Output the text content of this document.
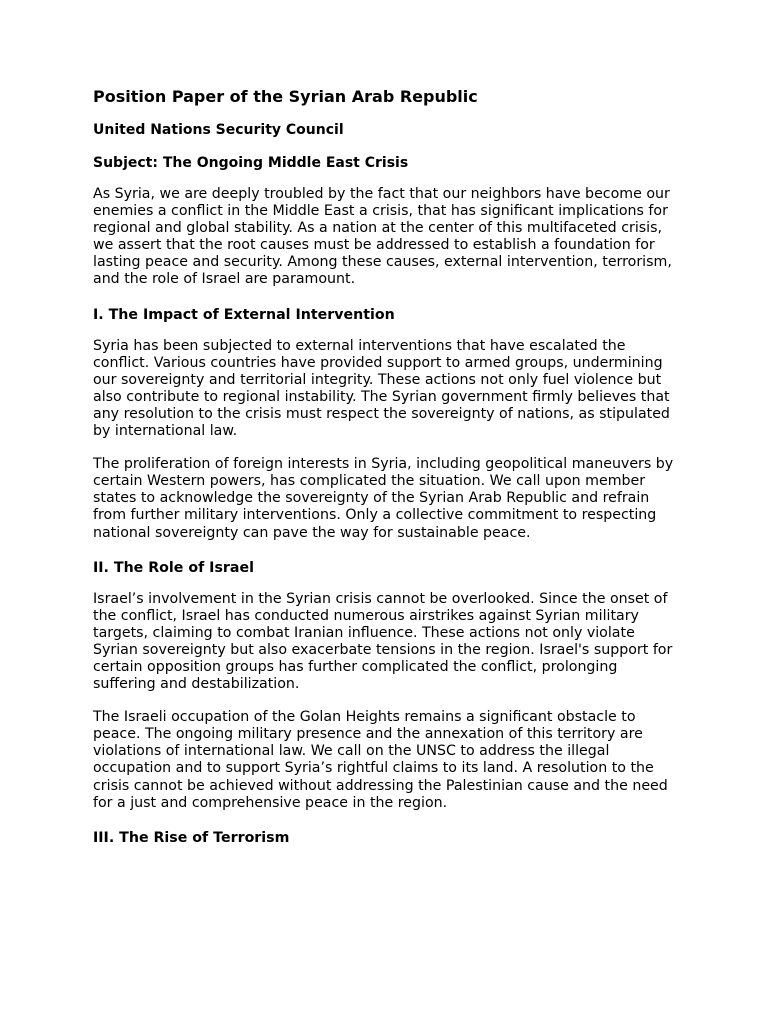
Position Paper of the Syrian Arab Republic
United Nations Security Council
Subject: The Ongoing Middle East Crisis

As Syria, we are deeply troubled by the fact that our neighbors have become our enemies a conflict in the Middle East a crisis, that has significant implications for regional and global stability. As a nation at the center of this multifaceted crisis, we assert that the root causes must be addressed to establish a foundation for lasting peace and security. Among these causes, external intervention, terrorism, and the role of Israel are paramount.

I. The Impact of External Intervention

Syria has been subjected to external interventions that have escalated the conflict. Various countries have provided support to armed groups, undermining our sovereignty and territorial integrity. These actions not only fuel violence but also contribute to regional instability. The Syrian government firmly believes that any resolution to the crisis must respect the sovereignty of nations, as stipulated by international law.

The proliferation of foreign interests in Syria, including geopolitical maneuvers by certain Western powers, has complicated the situation. We call upon member states to acknowledge the sovereignty of the Syrian Arab Republic and refrain from further military interventions. Only a collective commitment to respecting national sovereignty can pave the way for sustainable peace.

II. The Role of Israel

Israel’s involvement in the Syrian crisis cannot be overlooked. Since the onset of the conflict, Israel has conducted numerous airstrikes against Syrian military targets, claiming to combat Iranian influence. These actions not only violate Syrian sovereignty but also exacerbate tensions in the region. Israel's support for certain opposition groups has further complicated the conflict, prolonging suffering and destabilization.

The Israeli occupation of the Golan Heights remains a significant obstacle to peace. The ongoing military presence and the annexation of this territory are violations of international law. We call on the UNSC to address the illegal occupation and to support Syria’s rightful claims to its land. A resolution to the crisis cannot be achieved without addressing the Palestinian cause and the need for a just and comprehensive peace in the region.

III. The Rise of Terrorism
